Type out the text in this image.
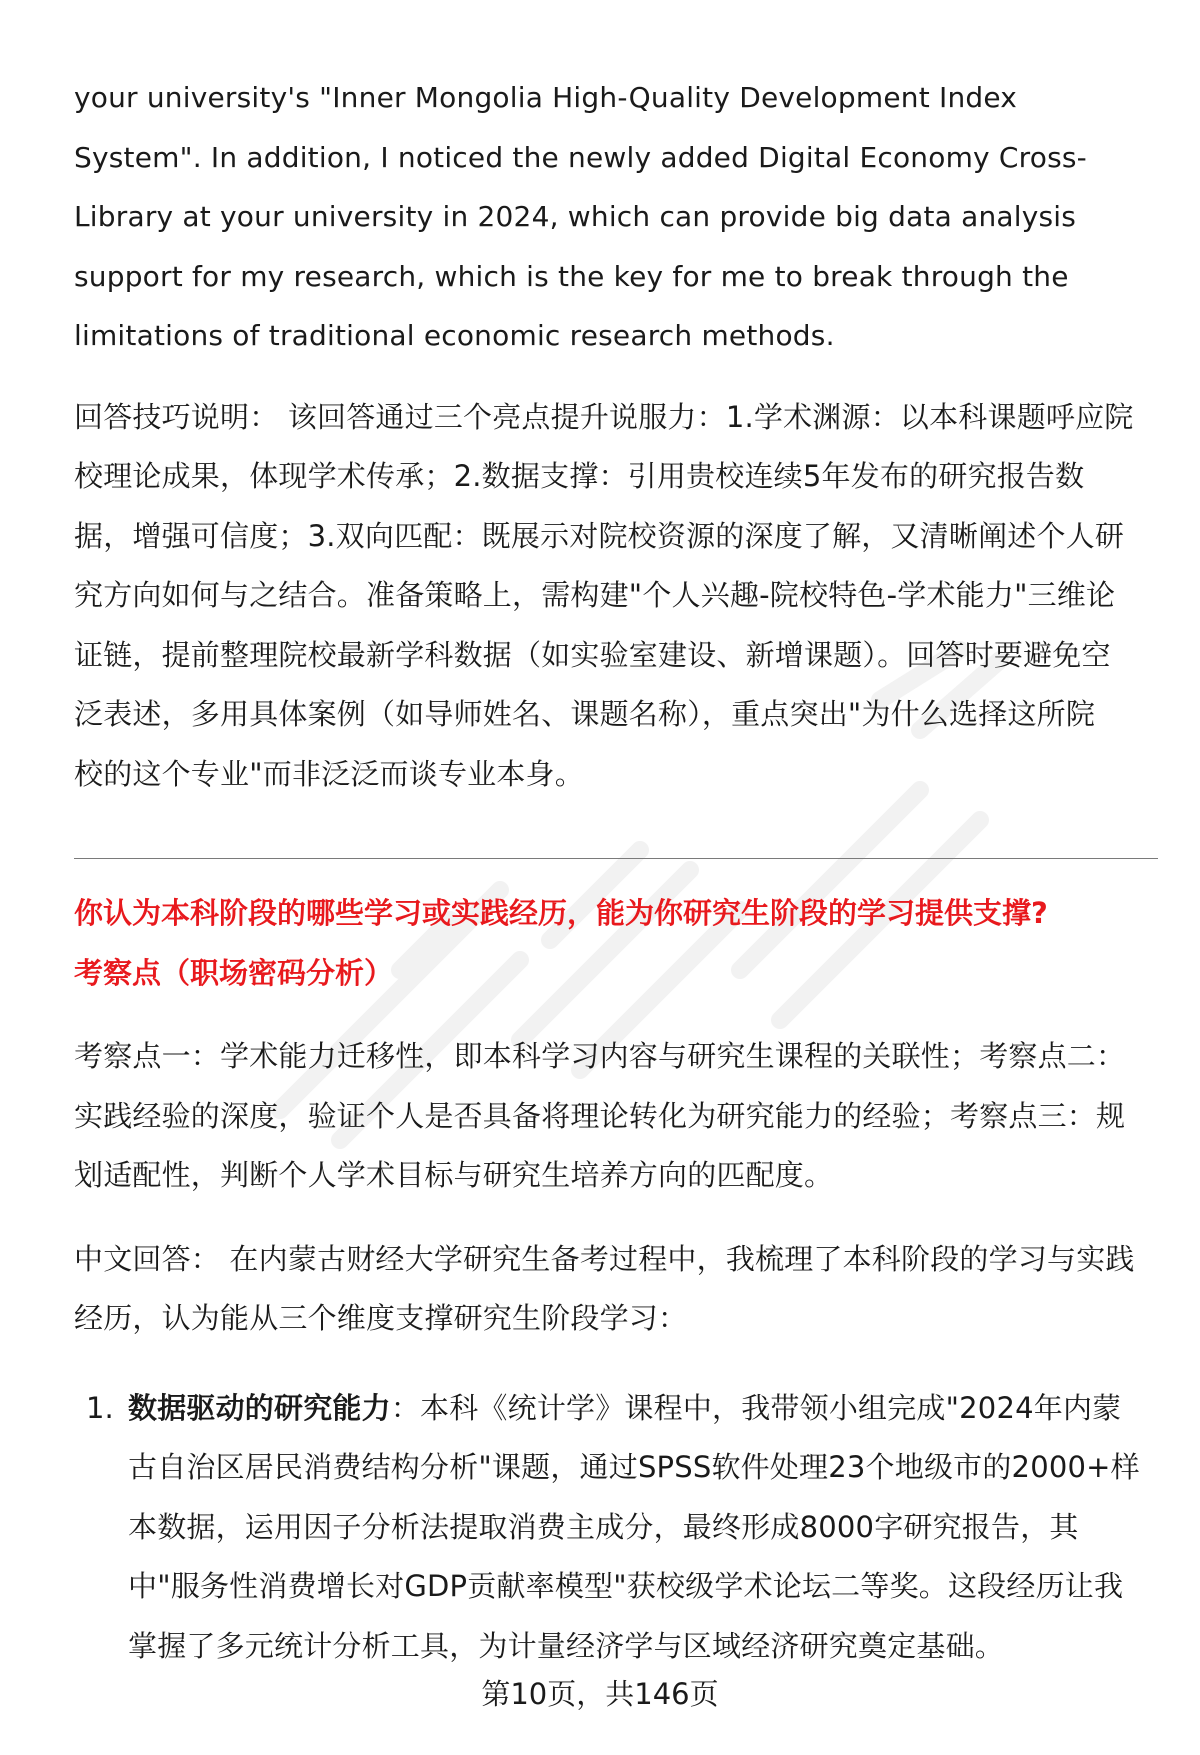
your university's "Inner Mongolia High-Quality Development Index

System". In addition, I noticed the newly added Digital Economy Cross-

Library at your university in 2024, which can provide big data analysis

support for my research, which is the key for me to break through the

limitations of traditional economic research methods.

回答技巧说明： 该回答通过三个亮点提升说服力：1.学术渊源：以本科课题呼应院

校理论成果，体现学术传承；2.数据支撑：引用贵校连续5年发布的研究报告数

据，增强可信度；3.双向匹配：既展示对院校资源的深度了解，又清晰阐述个人研

究方向如何与之结合。准备策略上，需构建"个人兴趣-院校特色-学术能力"三维论

证链，提前整理院校最新学科数据（如实验室建设、新增课题）。回答时要避免空

泛表述，多用具体案例（如导师姓名、课题名称），重点突出"为什么选择这所院

校的这个专业"而非泛泛而谈专业本身。

你认为本科阶段的哪些学习或实践经历，能为你研究生阶段的学习提供支撑?

考察点（职场密码分析）

考察点一：学术能力迁移性，即本科学习内容与研究生课程的关联性；考察点二：

实践经验的深度，验证个人是否具备将理论转化为研究能力的经验；考察点三：规

划适配性，判断个人学术目标与研究生培养方向的匹配度。

中文回答： 在内蒙古财经大学研究生备考过程中，我梳理了本科阶段的学习与实践

经历，认为能从三个维度支撑研究生阶段学习：

1. 数据驱动的研究能力：本科《统计学》课程中，我带领小组完成"2024年内蒙

古自治区居民消费结构分析"课题，通过SPSS软件处理23个地级市的2000+样

本数据，运用因子分析法提取消费主成分，最终形成8000字研究报告，其

中"服务性消费增长对GDP贡献率模型"获校级学术论坛二等奖。这段经历让我

掌握了多元统计分析工具，为计量经济学与区域经济研究奠定基础。

第10页，共146页
